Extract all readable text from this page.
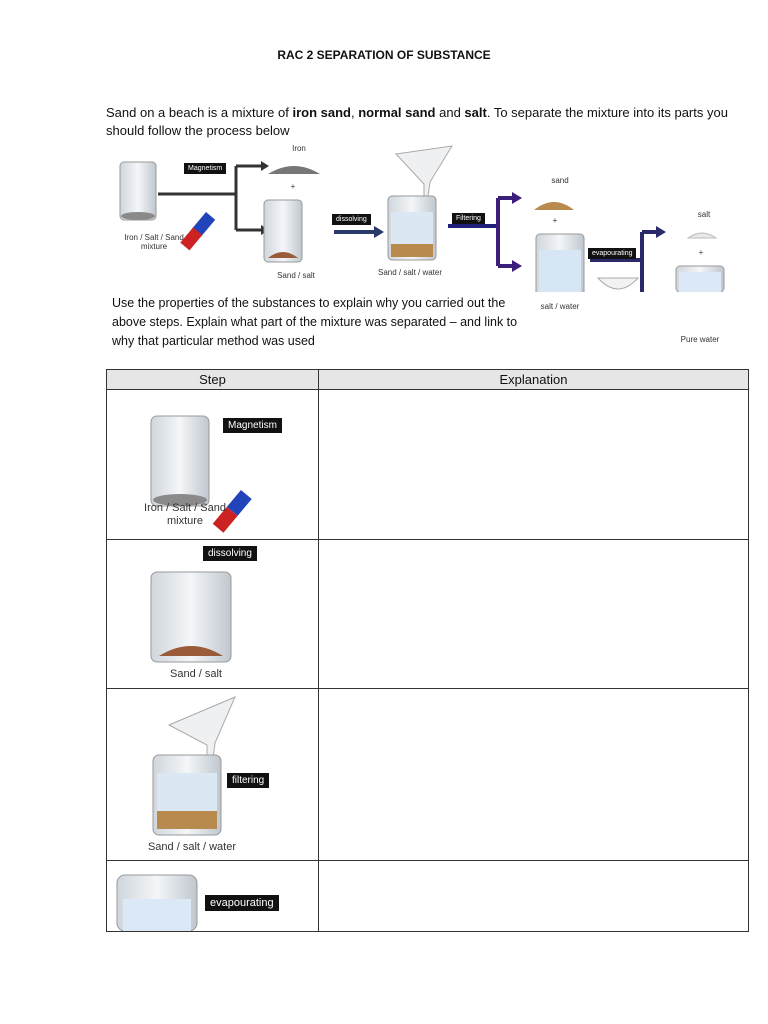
RAC 2 SEPARATION OF SUBSTANCE
Sand on a beach is a mixture of iron sand, normal sand and salt. To separate the mixture into its parts you should follow the process below
Magnetism
dissolving	Filtering
evapourating
Iron
+
Iron / Salt / Sand mixture
Sand / salt	Sand / salt / water
sand
+
salt / water
salt
+
Pure water
Use the properties of the substances to explain why you carried out the above steps. Explain what part of the mixture was separated – and link to why that particular method was used
Step	Explanation

Magnetism
Iron / Salt / Sand mixture	

dissolving
Sand / salt	

filtering
Sand / salt / water	

evapourating	
